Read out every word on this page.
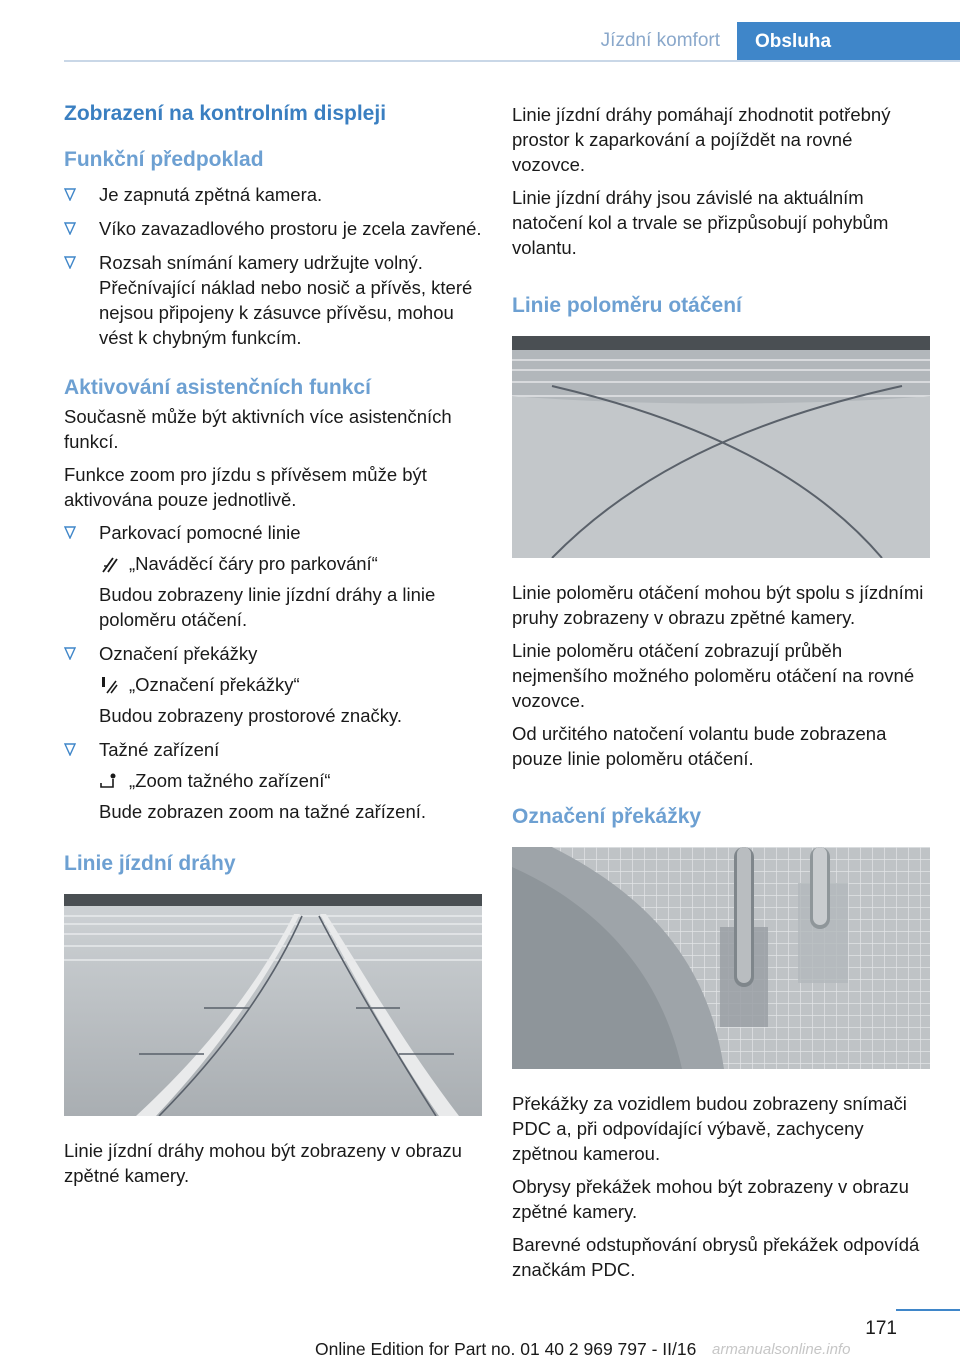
Jízdní komfort Obsluha
Zobrazení na kontrolním displeji
Funkční předpoklad

Je zapnutá zpětná kamera.

Víko zavazadlového prostoru je zcela zavřené.

Rozsah snímání kamery udržujte volný. Přečnívající náklad nebo nosič a přívěs, které nejsou připojeny k zásuvce přívěsu, mohou vést k chybným funkcím.

Aktivování asistenčních funkcí

Současně může být aktivních více asistenčních funkcí.

Funkce zoom pro jízdu s přívěsem může být aktivována pouze jednotlivě.

Parkovací pomocné linie

„Naváděcí čáry pro parkování“

Budou zobrazeny linie jízdní dráhy a linie poloměru otáčení.

Označení překážky

„Označení překážky“

Budou zobrazeny prostorové značky.

Tažné zařízení

„Zoom tažného zařízení“

Bude zobrazen zoom na tažné zařízení.

Linie jízdní dráhy

Linie jízdní dráhy mohou být zobrazeny v obrazu zpětné kamery.

Linie jízdní dráhy pomáhají zhodnotit potřebný prostor k zaparkování a pojíždět na rovné vozovce.

Linie jízdní dráhy jsou závislé na aktuálním natočení kol a trvale se přizpůsobují pohybům volantu.

Linie poloměru otáčení

Linie poloměru otáčení mohou být spolu s jízdními pruhy zobrazeny v obrazu zpětné kamery.

Linie poloměru otáčení zobrazují průběh nejmenšího možného poloměru otáčení na rovné vozovce.

Od určitého natočení volantu bude zobrazena pouze linie poloměru otáčení.

Označení překážky

Překážky za vozidlem budou zobrazeny snímači PDC a, při odpovídající výbavě, zachyceny zpětnou kamerou.

Obrysy překážek mohou být zobrazeny v obrazu zpětné kamery.

Barevné odstupňování obrysů překážek odpovídá značkám PDC.

171
Online Edition for Part no. 01 40 2 969 797 - II/16 armanualsonline.info
